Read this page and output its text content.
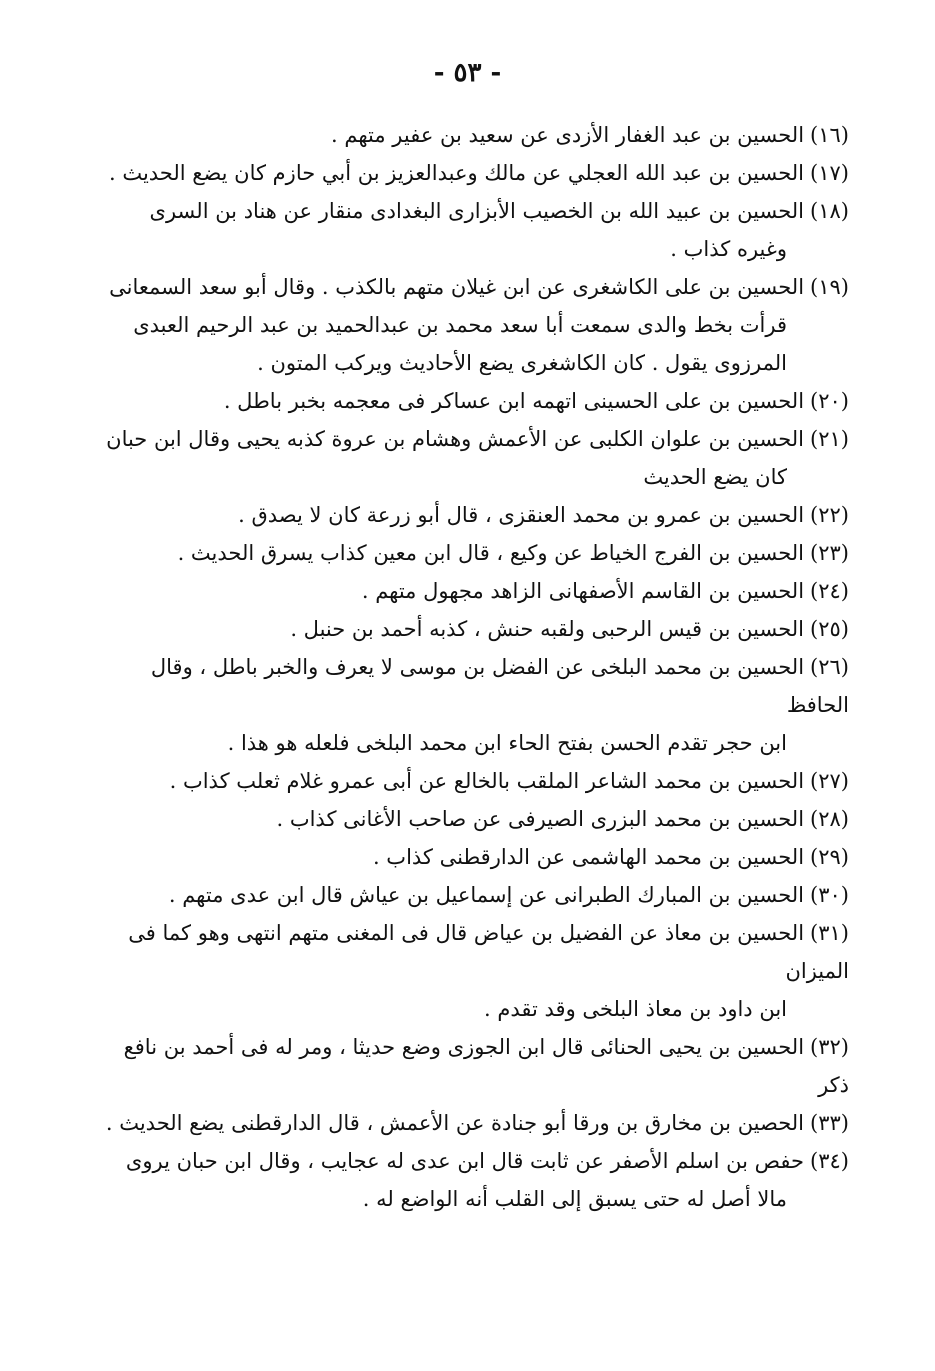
- ٥٣ -

(١٦)الحسين بن عبد الغفار الأزدى عن سعيد بن عفير متهم .

(١٧)الحسين بن عبد الله العجلي عن مالك وعبدالعزيز بن أبي حازم كان يضع الحديث .

(١٨)الحسين بن عبيد الله بن الخصيب الأبزارى البغدادى منقار عن هناد بن السرى
وغيره كذاب .

(١٩)الحسين بن على الكاشغرى عن ابن غيلان متهم بالكذب . وقال أبو سعد السمعانى
قرأت بخط والدى سمعت أبا سعد محمد بن عبدالحميد بن عبد الرحيم العبدى المرزوى يقول . كان الكاشغرى يضع الأحاديث ويركب المتون .

(٢٠)الحسين بن على الحسينى اتهمه ابن عساكر فى معجمه بخبر باطل .

(٢١)الحسين بن علوان الكلبى عن الأعمش وهشام بن عروة كذبه يحيى وقال ابن حبان
كان يضع الحديث

(٢٢)الحسين بن عمرو بن محمد العنقزى ، قال أبو زرعة كان لا يصدق .

(٢٣)الحسين بن الفرج الخياط عن وكيع ، قال ابن معين كذاب يسرق الحديث .

(٢٤)الحسين بن القاسم الأصفهانى الزاهد مجهول متهم .

(٢٥)الحسين بن قيس الرحبى ولقبه حنش ، كذبه أحمد بن حنبل .

(٢٦)الحسين بن محمد البلخى عن الفضل بن موسى لا يعرف والخبر باطل ، وقال الحافظ
ابن حجر تقدم الحسن بفتح الحاء ابن محمد البلخى فلعله هو هذا .

(٢٧)الحسين بن محمد الشاعر الملقب بالخالع عن أبى عمرو غلام ثعلب كذاب .

(٢٨)الحسين بن محمد البزرى الصيرفى عن صاحب الأغانى كذاب .

(٢٩)الحسين بن محمد الهاشمى عن الدارقطنى كذاب .

(٣٠)الحسين بن المبارك الطبرانى عن إسماعيل بن عياش قال ابن عدى متهم .

(٣١)الحسين بن معاذ عن الفضيل بن عياض قال فى المغنى متهم انتهى وهو كما فى الميزان
ابن داود بن معاذ البلخى وقد تقدم .

(٣٢)الحسين بن يحيى الحنائى قال ابن الجوزى وضع حديثا ، ومر له فى أحمد بن نافع ذكر

(٣٣)الحصين بن مخارق بن ورقا أبو جنادة عن الأعمش ، قال الدارقطنى يضع الحديث .

(٣٤)حفص بن اسلم الأصفر عن ثابت قال ابن عدى له عجايب ، وقال ابن حبان يروى
مالا أصل له حتى يسبق إلى القلب أنه الواضع له .
